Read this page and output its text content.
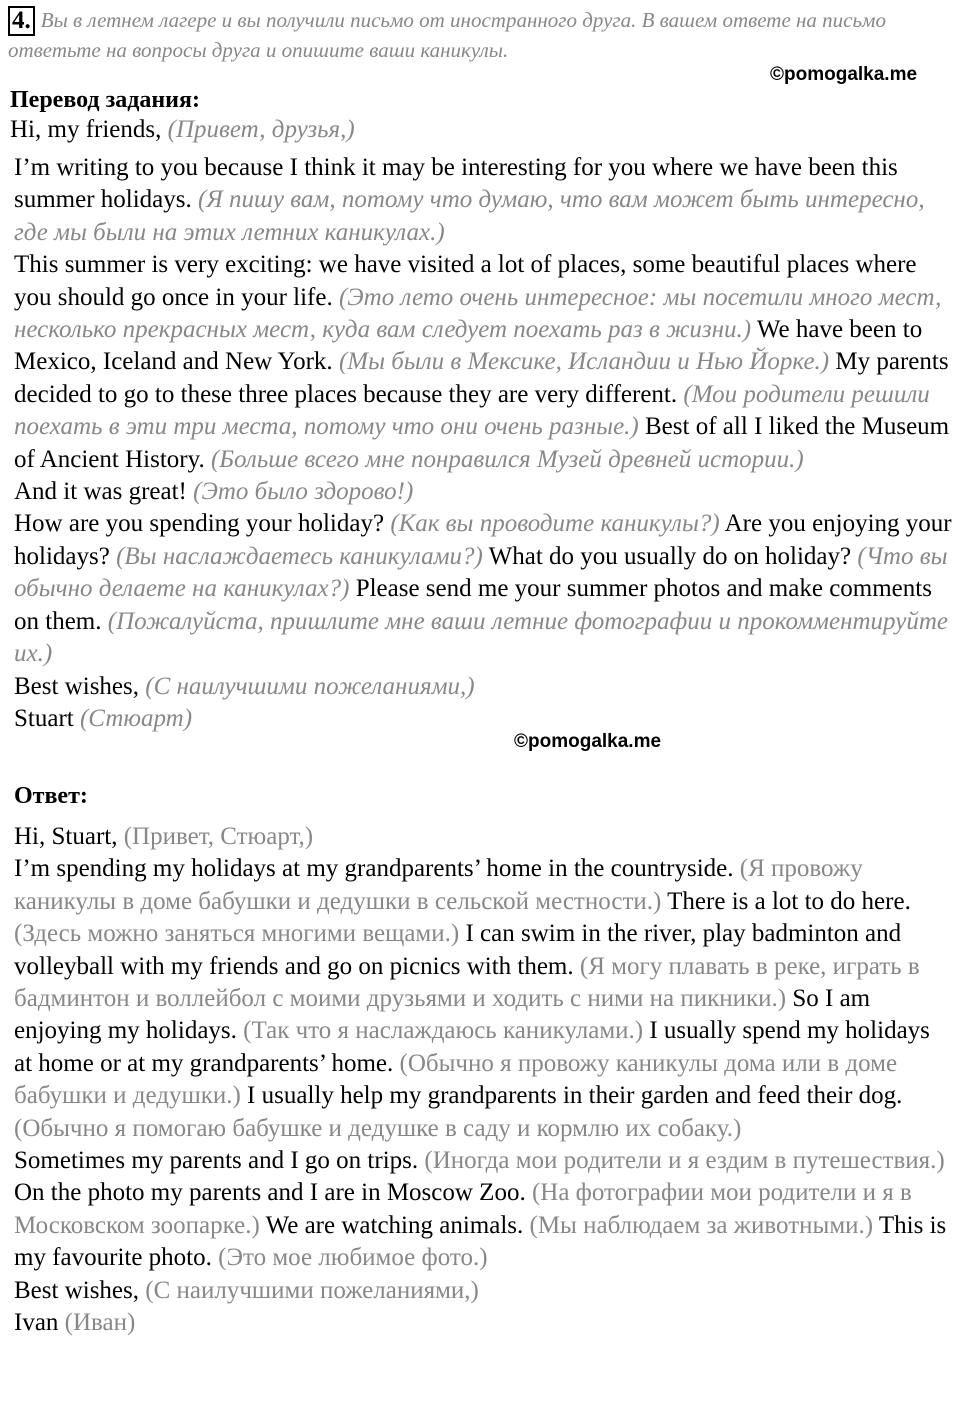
4. Вы в летнем лагере и вы получили письмо от иностранного друга. В вашем ответе на письмо ответьте на вопросы друга и опишите ваши каникулы.
©pomogalka.me
Перевод задания:
Hi, my friends, (Привет, друзья,)

I’m writing to you because I think it may be interesting for you where we have been this summer holidays. (Я пишу вам, потому что думаю, что вам может быть интересно, где мы были на этих летних каникулах.)

This summer is very exciting: we have visited a lot of places, some beautiful places where you should go once in your life. (Это лето очень интересное: мы посетили много мест, несколько прекрасных мест, куда вам следует поехать раз в жизни.) We have been to Mexico, Iceland and New York. (Мы были в Мексике, Исландии и Нью Йорке.) My parents decided to go to these three places because they are very different. (Мои родители решили поехать в эти три места, потому что они очень разные.) Best of all I liked the Museum of Ancient History. (Больше всего мне понравился Музей древней истории.)

And it was great! (Это было здорово!)

How are you spending your holiday? (Как вы проводите каникулы?) Are you enjoying your holidays? (Вы наслаждаетесь каникулами?) What do you usually do on holiday? (Что вы обычно делаете на каникулах?) Please send me your summer photos and make comments on them. (Пожалуйста, пришлите мне ваши летние фотографии и прокомментируйте их.)

Best wishes, (С наилучшими пожеланиями,)

Stuart (Стюарт)

©pomogalka.me
Ответ:

Hi, Stuart, (Привет, Стюарт,)

I’m spending my holidays at my grandparents’ home in the countryside. (Я провожу каникулы в доме бабушки и дедушки в сельской местности.) There is a lot to do here. (Здесь можно заняться многими вещами.) I can swim in the river, play badminton and volleyball with my friends and go on picnics with them. (Я могу плавать в реке, играть в бадминтон и воллейбол с моими друзьями и ходить с ними на пикники.) So I am enjoying my holidays. (Так что я наслаждаюсь каникулами.) I usually spend my holidays at home or at my grandparents’ home. (Обычно я провожу каникулы дома или в доме бабушки и дедушки.) I usually help my grandparents in their garden and feed their dog. (Обычно я помогаю бабушке и дедушке в саду и кормлю их собаку.)

Sometimes my parents and I go on trips. (Иногда мои родители и я ездим в путешествия.) On the photo my parents and I are in Moscow Zoo. (На фотографии мои родители и я в Московском зоопарке.) We are watching animals. (Мы наблюдаем за животными.) This is my favourite photo. (Это мое любимое фото.)

Best wishes, (С наилучшими пожеланиями,)

Ivan (Иван)
